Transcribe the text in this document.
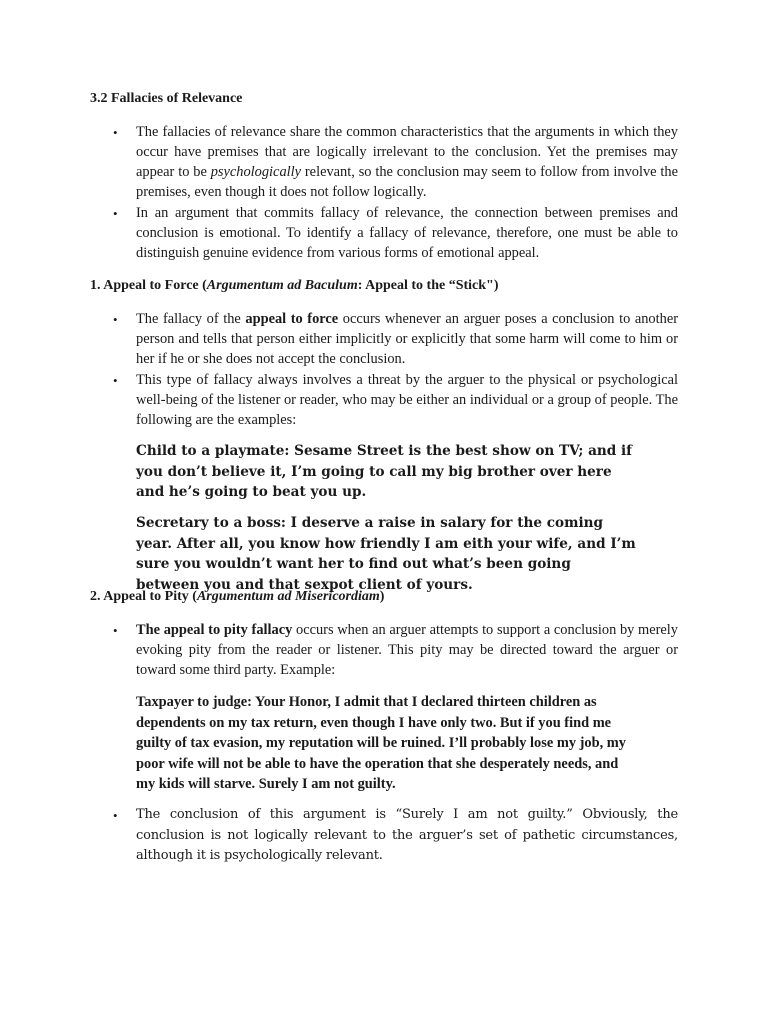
3.2 Fallacies of Relevance
•	The fallacies of relevance share the common characteristics that the arguments in which they occur have premises that are logically irrelevant to the conclusion. Yet the premises may appear to be psychologically relevant, so the conclusion may seem to follow from involve the premises, even though it does not follow logically.
•	In an argument that commits fallacy of relevance, the connection between premises and conclusion is emotional. To identify a fallacy of relevance, therefore, one must be able to distinguish genuine evidence from various forms of emotional appeal.
1. Appeal to Force (Argumentum ad Baculum: Appeal to the “Stick")
•	The fallacy of the appeal to force occurs whenever an arguer poses a conclusion to another person and tells that person either implicitly or explicitly that some harm will come to him or her if he or she does not accept the conclusion.
•	This type of fallacy always involves a threat by the arguer to the physical or psychological well-being of the listener or reader, who may be either an individual or a group of people. The following are the examples:
Child to a playmate: Sesame Street is the best show on TV; and if you don’t believe it, I’m going to call my big brother over here and he’s going to beat you up.
Secretary to a boss: I deserve a raise in salary for the coming year. After all, you know how friendly I am eith your wife, and I’m sure you wouldn’t want her to find out what’s been going between you and that sexpot client of yours.
2. Appeal to Pity (Argumentum ad Misericordiam)
•	The appeal to pity fallacy occurs when an arguer attempts to support a conclusion by merely evoking pity from the reader or listener. This pity may be directed toward the arguer or toward some third party. Example:
Taxpayer to judge: Your Honor, I admit that I declared thirteen children as dependents on my tax return, even though I have only two. But if you find me guilty of tax evasion, my reputation will be ruined. I’ll probably lose my job, my poor wife will not be able to have the operation that she desperately needs, and my kids will starve. Surely I am not guilty.
•	The conclusion of this argument is “Surely I am not guilty.” Obviously, the conclusion is not logically relevant to the arguer’s set of pathetic circumstances, although it is psychologically relevant.
